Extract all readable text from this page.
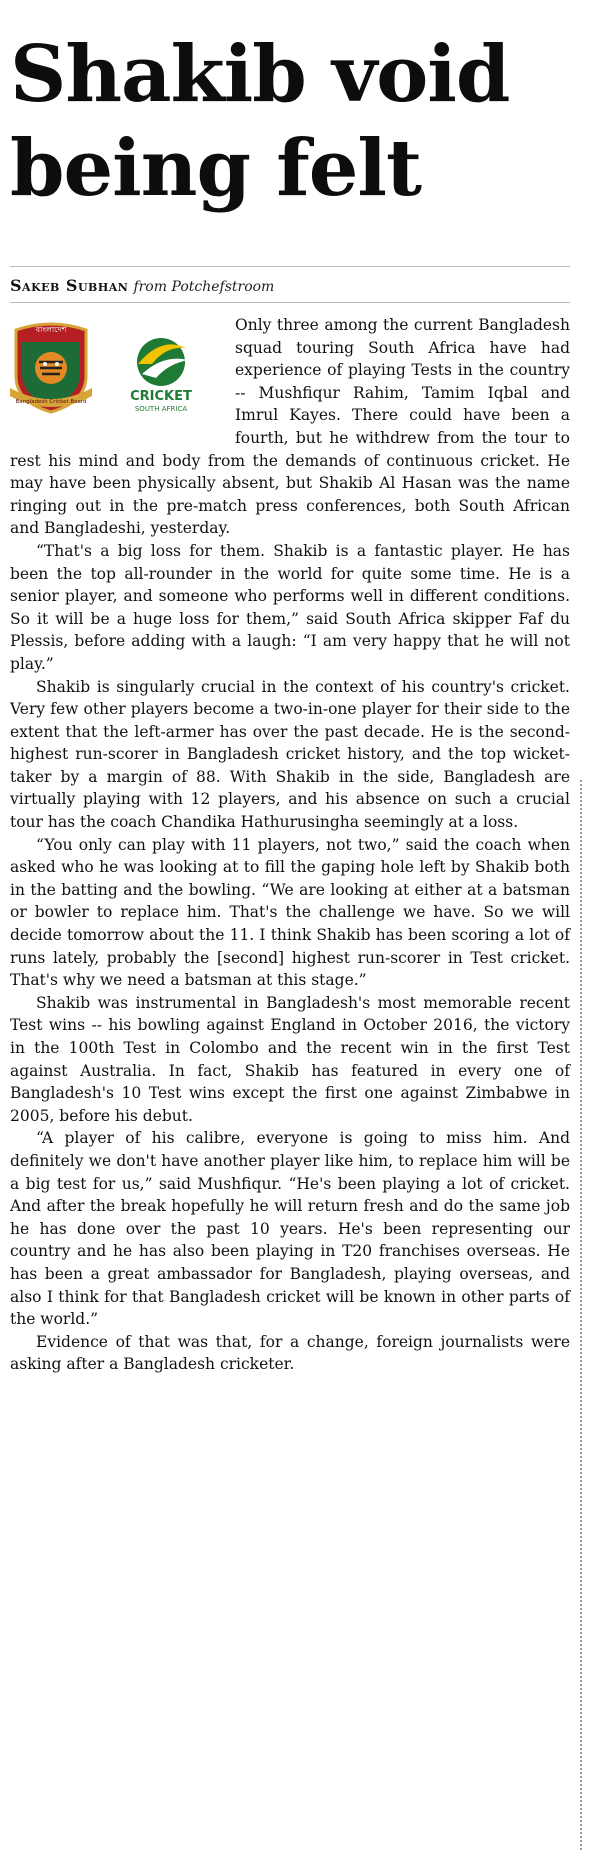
Shakib void
being felt
Sakeb Subhan from Potchefstroom
বাংলাদেশ
Bangladesh Cricket Board	CRICKET
SOUTH AFRICA

Only three among the current Bangladesh squad touring South Africa have had experience of playing Tests in the country -- Mushfiqur Rahim, Tamim Iqbal and Imrul Kayes. There could have been a fourth, but he withdrew from the tour to rest his mind and body from the demands of continuous cricket. He may have been physically absent, but Shakib Al Hasan was the name ringing out in the pre-match press conferences, both South African and Bangladeshi, yesterday.

“That's a big loss for them. Shakib is a fantastic player. He has been the top all-rounder in the world for quite some time. He is a senior player, and someone who performs well in different conditions. So it will be a huge loss for them,” said South Africa skipper Faf du Plessis, before adding with a laugh: “I am very happy that he will not play.”

Shakib is singularly crucial in the context of his country's cricket. Very few other players become a two-in-one player for their side to the extent that the left-armer has over the past decade. He is the second-highest run-scorer in Bangladesh cricket history, and the top wicket-taker by a margin of 88. With Shakib in the side, Bangladesh are virtually playing with 12 players, and his absence on such a crucial tour has the coach Chandika Hathurusingha seemingly at a loss.

“You only can play with 11 players, not two,” said the coach when asked who he was looking at to fill the gaping hole left by Shakib both in the batting and the bowling. “We are looking at either at a batsman or bowler to replace him. That's the challenge we have. So we will decide tomorrow about the 11. I think Shakib has been scoring a lot of runs lately, probably the [second] highest run-scorer in Test cricket. That's why we need a batsman at this stage.”

Shakib was instrumental in Bangladesh's most memorable recent Test wins -- his bowling against England in October 2016, the victory in the 100th Test in Colombo and the recent win in the first Test against Australia. In fact, Shakib has featured in every one of Bangladesh's 10 Test wins except the first one against Zimbabwe in 2005, before his debut.

“A player of his calibre, everyone is going to miss him. And definitely we don't have another player like him, to replace him will be a big test for us,” said Mushfiqur. “He's been playing a lot of cricket. And after the break hopefully he will return fresh and do the same job he has done over the past 10 years. He's been representing our country and he has also been playing in T20 franchises overseas. He has been a great ambassador for Bangladesh, playing overseas, and also I think for that Bangladesh cricket will be known in other parts of the world.”

Evidence of that was that, for a change, foreign journalists were asking after a Bangladesh cricketer.
